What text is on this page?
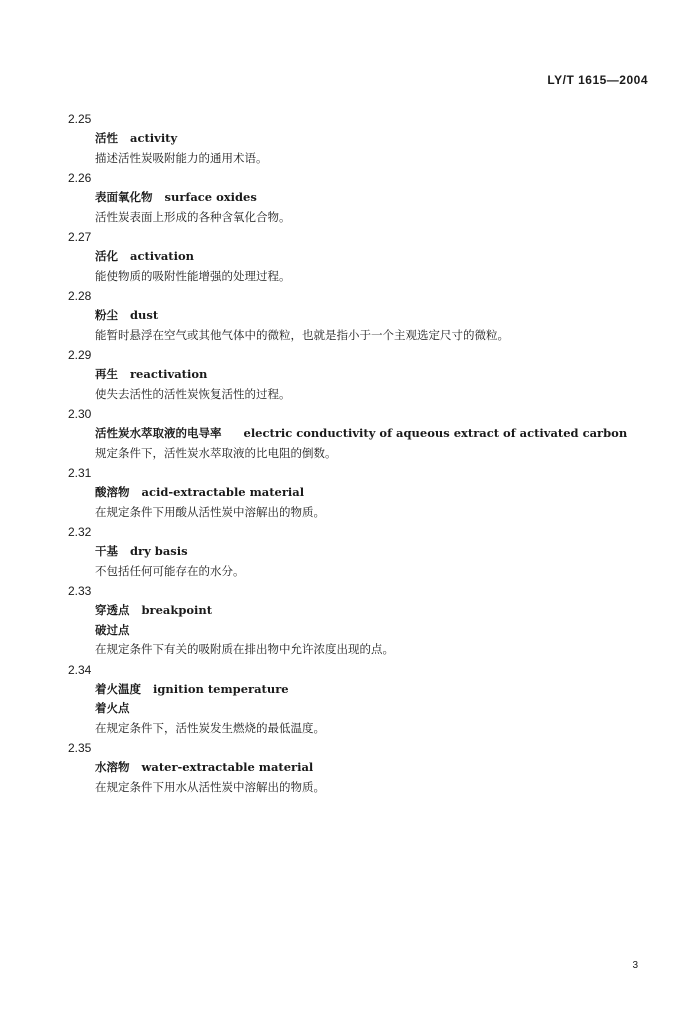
LY/T 1615—2004
2.25
活性 activity
描述活性炭吸附能力的通用术语。
2.26
表面氧化物 surface oxides
活性炭表面上形成的各种含氧化合物。
2.27
活化 activation
能使物质的吸附性能增强的处理过程。
2.28
粉尘 dust
能暂时悬浮在空气或其他气体中的微粒，也就是指小于一个主观选定尺寸的微粒。
2.29
再生 reactivation
使失去活性的活性炭恢复活性的过程。
2.30
活性炭水萃取液的电导率 electric conductivity of aqueous extract of activated carbon
规定条件下，活性炭水萃取液的比电阻的倒数。
2.31
酸溶物 acid-extractable material
在规定条件下用酸从活性炭中溶解出的物质。
2.32
干基 dry basis
不包括任何可能存在的水分。
2.33
穿透点 breakpoint
破过点
在规定条件下有关的吸附质在排出物中允许浓度出现的点。
2.34
着火温度 ignition temperature
着火点
在规定条件下，活性炭发生燃烧的最低温度。
2.35
水溶物 water-extractable material
在规定条件下用水从活性炭中溶解出的物质。
3
